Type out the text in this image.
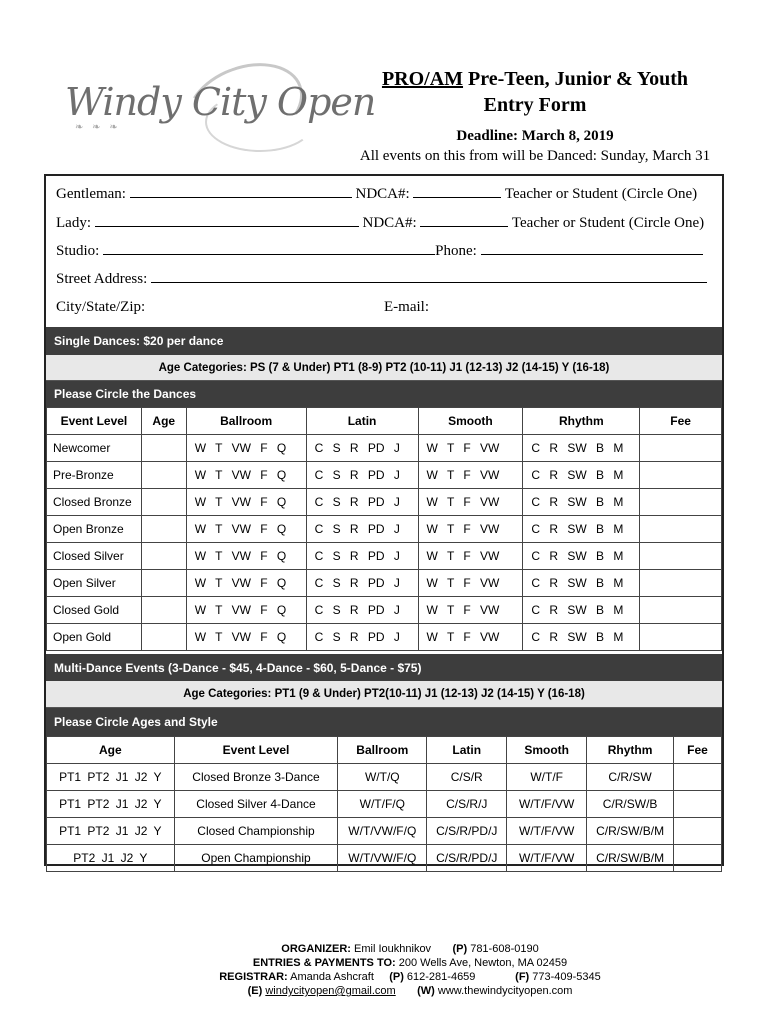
Windy City Open
❧ ❧ ❧
PRO/AM Pre-Teen, Junior & Youth
Entry Form
Deadline: March 8, 2019
All events on this from will be Danced: Sunday, March 31
Gentleman:	NDCA#:	Teacher or Student (Circle One)
Lady:	NDCA#:	Teacher or Student (Circle One)
Studio:	Phone:
Street Address:
City/State/Zip:	E-mail:
Single Dances: $20 per dance
Age Categories: PS (7 & Under) PT1 (8-9) PT2 (10-11) J1 (12-13) J2 (14-15) Y (16-18)
Please Circle the Dances
Event Level	Age	Ballroom	Latin	Smooth	Rhythm	Fee
Newcomer		W T VW F Q	C S R PD J	W T F VW	C R SW B M	
Pre-Bronze		W T VW F Q	C S R PD J	W T F VW	C R SW B M	
Closed Bronze		W T VW F Q	C S R PD J	W T F VW	C R SW B M	
Open Bronze		W T VW F Q	C S R PD J	W T F VW	C R SW B M	
Closed Silver		W T VW F Q	C S R PD J	W T F VW	C R SW B M	
Open Silver		W T VW F Q	C S R PD J	W T F VW	C R SW B M	
Closed Gold		W T VW F Q	C S R PD J	W T F VW	C R SW B M	
Open Gold		W T VW F Q	C S R PD J	W T F VW	C R SW B M	
Multi-Dance Events (3-Dance - $45, 4-Dance - $60, 5-Dance - $75)
Age Categories: PT1 (9 & Under) PT2(10-11) J1 (12-13) J2 (14-15) Y (16-18)
Please Circle Ages and Style
Age	Event Level	Ballroom	Latin	Smooth	Rhythm	Fee
PT1 PT2 J1 J2 Y	Closed Bronze 3-Dance	W/T/Q	C/S/R	W/T/F	C/R/SW	
PT1 PT2 J1 J2 Y	Closed Silver 4-Dance	W/T/F/Q	C/S/R/J	W/T/F/VW	C/R/SW/B	
PT1 PT2 J1 J2 Y	Closed Championship	W/T/VW/F/Q	C/S/R/PD/J	W/T/F/VW	C/R/SW/B/M	
PT2 J1 J2 Y	Open Championship	W/T/VW/F/Q	C/S/R/PD/J	W/T/F/VW	C/R/SW/B/M	
ORGANIZER: Emil Ioukhnikov (P) 781-608-0190
ENTRIES & PAYMENTS TO: 200 Wells Ave, Newton, MA 02459
REGISTRAR: Amanda Ashcraft (P) 612-281-4659	(F) 773-409-5345
(E) windycityopen@gmail.com (W) www.thewindycityopen.com
